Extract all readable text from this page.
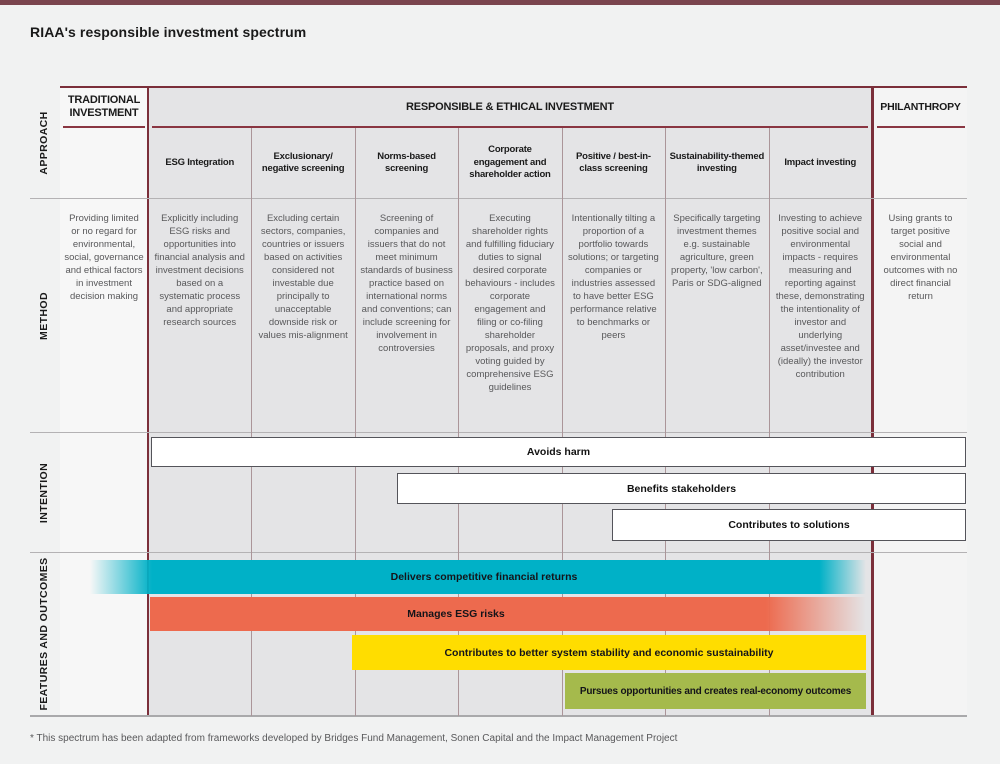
RIAA's responsible investment spectrum
APPROACH
METHOD
INTENTION
FEATURES AND OUTCOMES
TRADITIONAL INVESTMENT
RESPONSIBLE & ETHICAL INVESTMENT	PHILANTHROPY
ESG Integration
Exclusionary/ negative screening
Norms-based screening
Corporate engagement and shareholder action
Positive / best-in-class screening
Sustainability-themed investing
Impact investing
Providing limited or no regard for environmental, social, governance and ethical factors in investment decision making
Explicitly including ESG risks and opportunities into financial analysis and investment decisions based on a systematic process and appropriate research sources
Excluding certain sectors, companies, countries or issuers based on activities considered not investable due principally to unacceptable downside risk or values mis-alignment
Screening of companies and issuers that do not meet minimum standards of business practice based on international norms and conventions; can include screening for involvement in controversies
Executing shareholder rights and fulfilling fiduciary duties to signal desired corporate behaviours - includes corporate engagement and filing or co-filing shareholder proposals, and proxy voting guided by comprehensive ESG guidelines
Intentionally tilting a proportion of a portfolio towards solutions; or targeting companies or industries assessed to have better ESG performance relative to benchmarks or peers
Specifically targeting investment themes e.g. sustainable agriculture, green property, 'low carbon', Paris or SDG-aligned
Investing to achieve positive social and environmental impacts - requires measuring and reporting against these, demonstrating the intentionality of investor and underlying asset/investee and (ideally) the investor contribution
Using grants to target positive social and environmental outcomes with no direct financial return
Avoids harm
Benefits stakeholders
Contributes to solutions
Delivers competitive financial returns
Manages ESG risks
Contributes to better system stability and economic sustainability
Pursues opportunities and creates real-economy outcomes
* This spectrum has been adapted from frameworks developed by Bridges Fund Management, Sonen Capital and the Impact Management Project
